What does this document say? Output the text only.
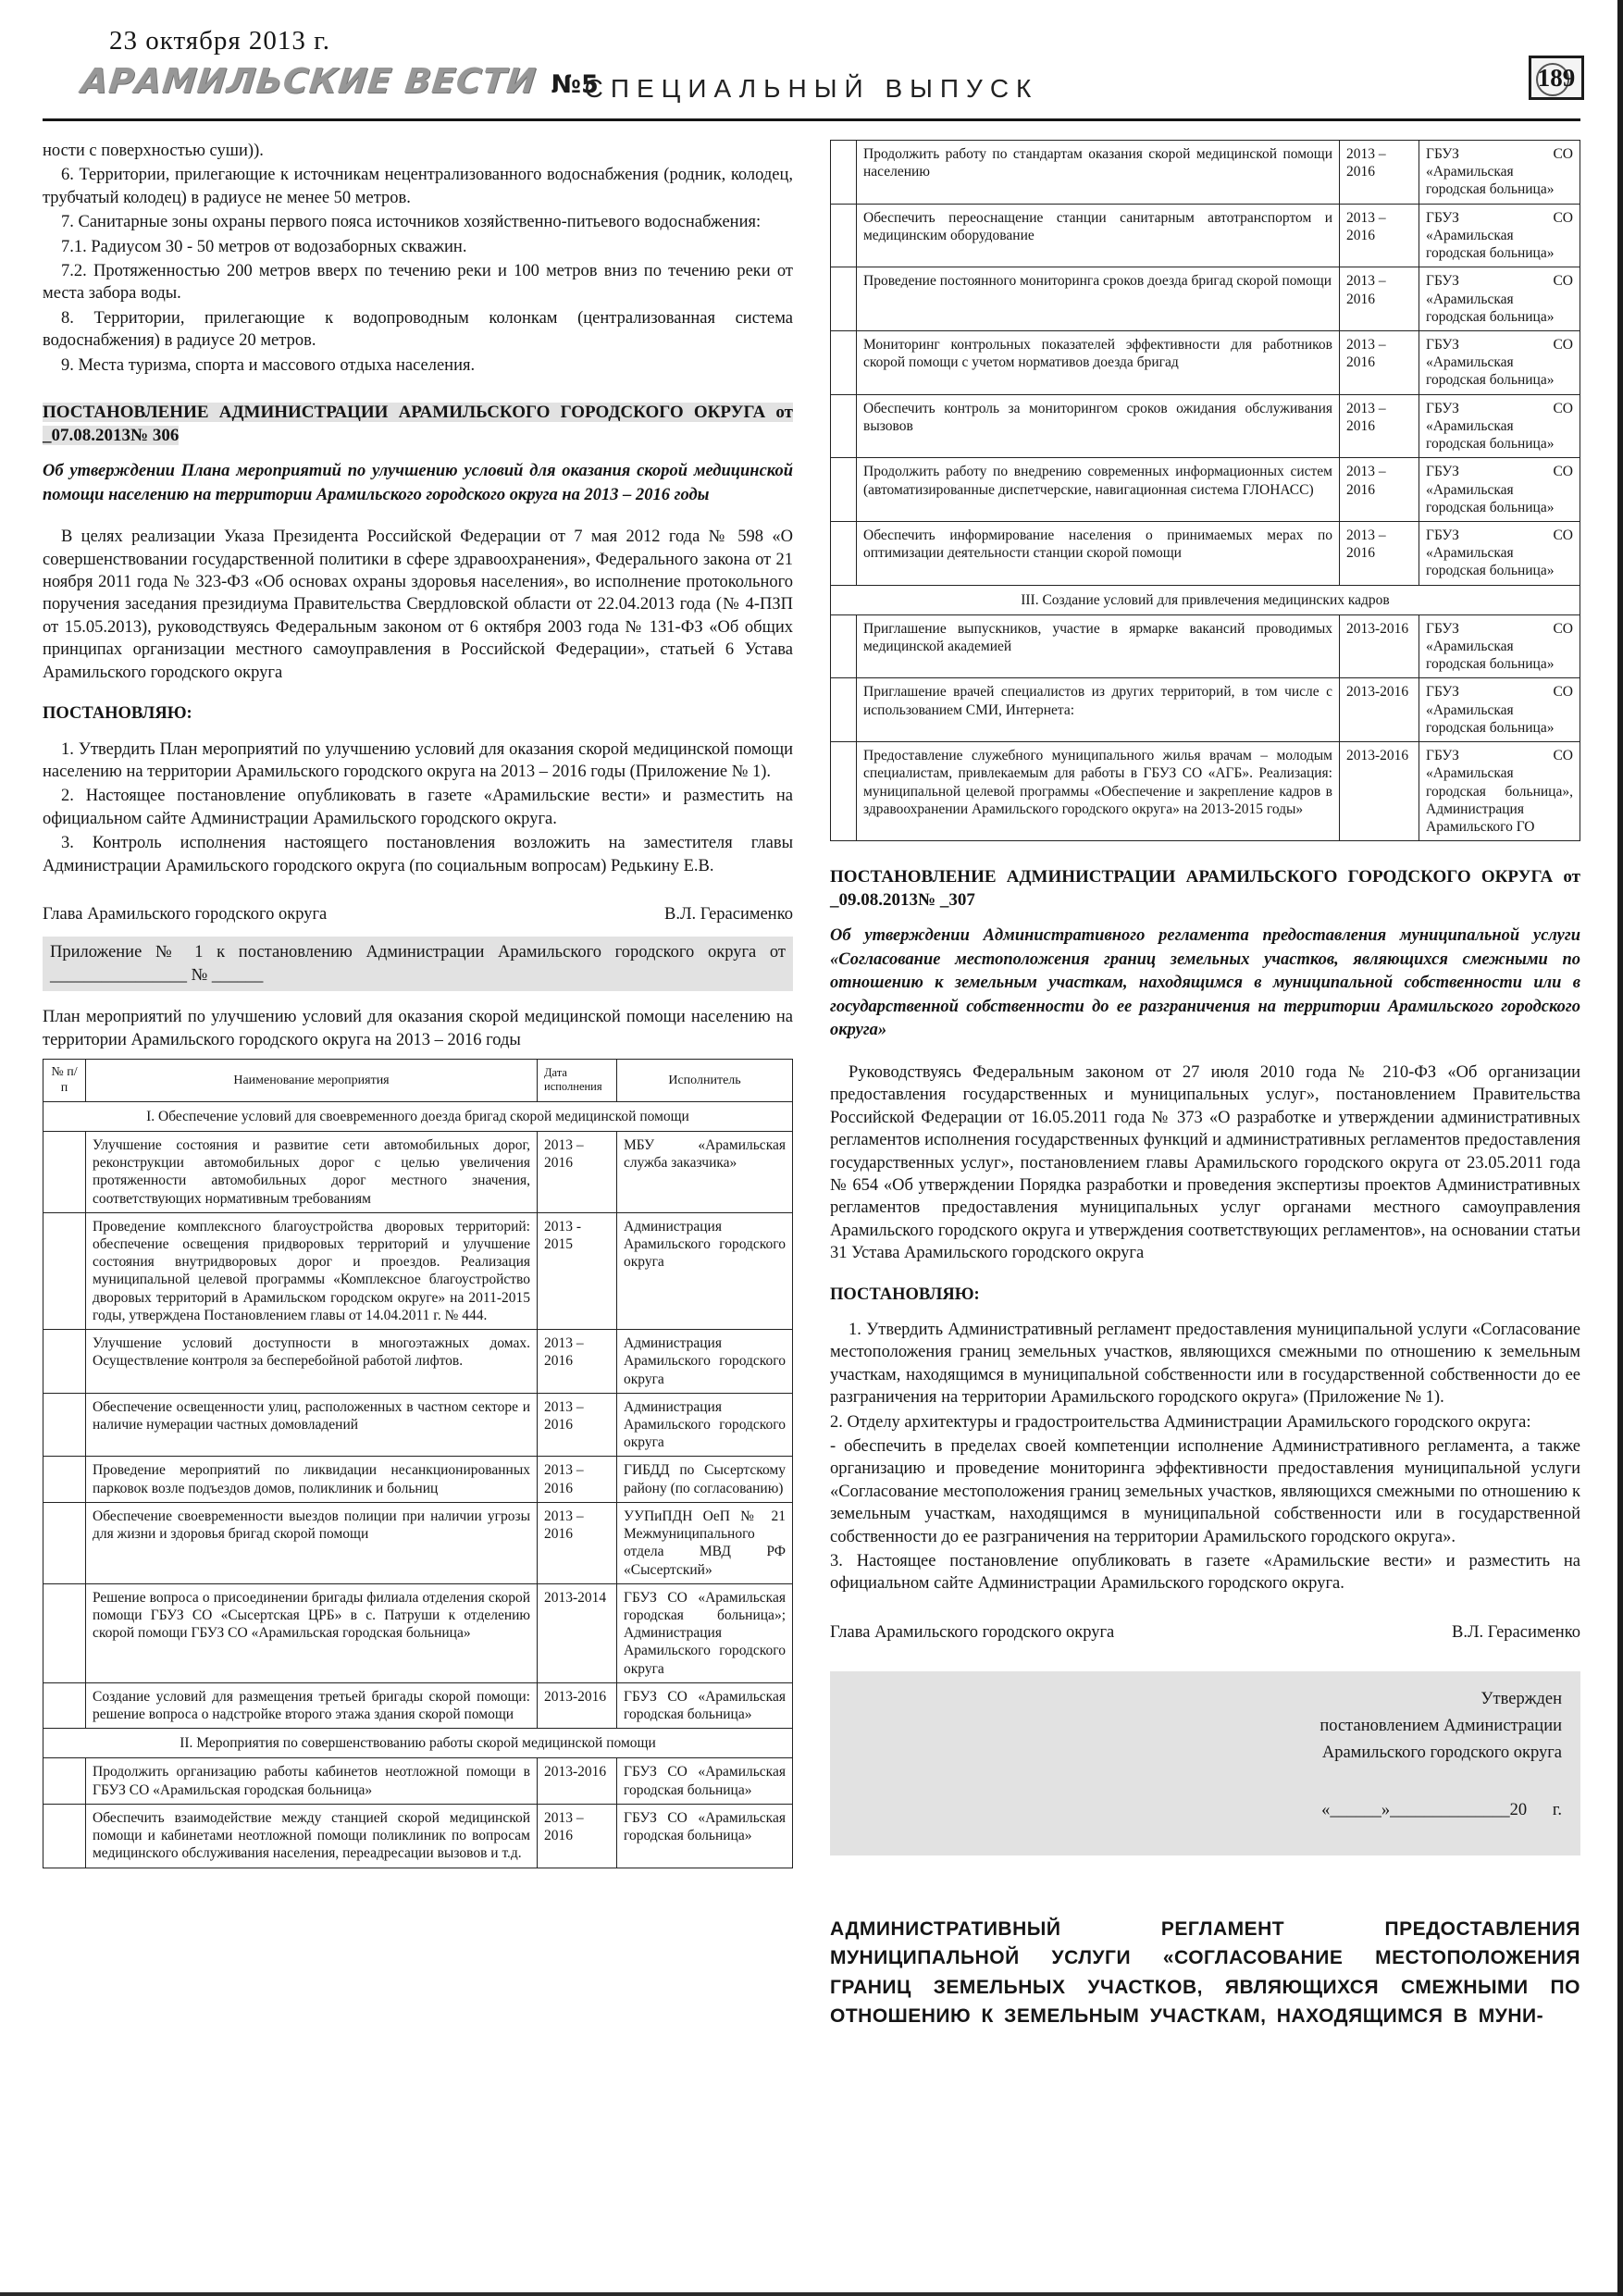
23 октября 2013 г.
АРАМИЛЬСКИЕ ВЕСТИ №5
СПЕЦИАЛЬНЫЙ ВЫПУСК	189

ности с поверхностью суши)).

6. Территории, прилегающие к источникам нецентрализованного водоснабжения (родник, колодец, трубчатый колодец) в радиусе не менее 50 метров.

7. Санитарные зоны охраны первого пояса источников хозяйственно-питьевого водоснабжения:

7.1. Радиусом 30 - 50 метров от водозаборных скважин.

7.2. Протяженностью 200 метров вверх по течению реки и 100 метров вниз по течению реки от места забора воды.

8. Территории, прилегающие к водопроводным колонкам (централизованная система водоснабжения) в радиусе 20 метров.

9. Места туризма, спорта и массового отдыха населения.

ПОСТАНОВЛЕНИЕ АДМИНИСТРАЦИИ АРАМИЛЬСКОГО ГОРОДСКОГО ОКРУГА от _07.08.2013№ 306

Об утверждении Плана мероприятий по улучшению условий для оказания скорой медицинской помощи населению на территории Арамильского городского округа на 2013 – 2016 годы

В целях реализации Указа Президента Российской Федерации от 7 мая 2012 года № 598 «О совершенствовании государственной политики в сфере здравоохранения», Федерального закона от 21 ноября 2011 года № 323-ФЗ «Об основах охраны здоровья населения», во исполнение протокольного поручения заседания президиума Правительства Свердловской области от 22.04.2013 года (№ 4-ПЗП от 15.05.2013), руководствуясь Федеральным законом от 6 октября 2003 года № 131-ФЗ «Об общих принципах организации местного самоуправления в Российской Федерации», статьей 6 Устава Арамильского городского округа

ПОСТАНОВЛЯЮ:

1. Утвердить План мероприятий по улучшению условий для оказания скорой медицинской помощи населению на территории Арамильского городского округа на 2013 – 2016 годы (Приложение № 1).

2. Настоящее постановление опубликовать в газете «Арамильские вести» и разместить на официальном сайте Администрации Арамильского городского округа.

3. Контроль исполнения настоящего постановления возложить на заместителя главы Администрации Арамильского городского округа (по социальным вопросам) Редькину Е.В.

Глава Арамильского городского округа	В.Л. Герасименко
Приложение № 1 к постановлению Администрации Арамильского городского округа от ________________ № ______

План мероприятий по улучшению условий для оказания скорой медицинской помощи населению на территории Арамильского городского округа на 2013 – 2016 годы

№ п/п	Наименование мероприятия	Дата исполнения	Исполнитель
I. Обеспечение условий для своевременного доезда бригад скорой медицинской помощи			
	Улучшение состояния и развитие сети автомобильных дорог, реконструкции автомобильных дорог с целью увеличения протяженности автомобильных дорог местного значения, соответствующих нормативным требованиям	2013 – 2016	МБУ «Арамильская служба заказчика»
	Проведение комплексного благоустройства дворовых территорий: обеспечение освещения придворовых территорий и улучшение состояния внутридворовых дорог и проездов. Реализация муниципальной целевой программы «Комплексное благоустройство дворовых территорий в Арамильском городском округе» на 2011-2015 годы, утверждена Постановлением главы от 14.04.2011 г. № 444.	2013 - 2015	Администрация Арамильского городского округа
	Улучшение условий доступности в многоэтажных домах. Осуществление контроля за бесперебойной работой лифтов.	2013 – 2016	Администрация Арамильского городского округа
	Обеспечение освещенности улиц, расположенных в частном секторе и наличие нумерации частных домовладений	2013 – 2016	Администрация Арамильского городского округа
	Проведение мероприятий по ликвидации несанкционированных парковок возле подъездов домов, поликлиник и больниц	2013 – 2016	ГИБДД по Сысертскому району (по согласованию)
	Обеспечение своевременности выездов полиции при наличии угрозы для жизни и здоровья бригад скорой помощи	2013 – 2016	УУПиПДН ОеП № 21 Межмуниципального отдела МВД РФ «Сысертский»
	Решение вопроса о присоединении бригады филиала отделения скорой помощи ГБУЗ СО «Сысертская ЦРБ» в с. Патруши к отделению скорой помощи ГБУЗ СО «Арамильская городская больница»	2013-2014	ГБУЗ СО «Арамильская городская больница»; Администрация Арамильского городского округа
	Создание условий для размещения третьей бригады скорой помощи: решение вопроса о надстройке второго этажа здания скорой помощи	2013-2016	ГБУЗ СО «Арамильская городская больница»
II. Мероприятия по совершенствованию работы скорой медицинской помощи			
	Продолжить организацию работы кабинетов неотложной помощи в ГБУЗ СО «Арамильская городская больница»	2013-2016	ГБУЗ СО «Арамильская городская больница»
	Обеспечить взаимодействие между станцией скорой медицинской помощи и кабинетами неотложной помощи поликлиник по вопросам медицинского обслуживания населения, переадресации вызовов и т.д.	2013 – 2016	ГБУЗ СО «Арамильская городская больница»
	Продолжить работу по стандартам оказания скорой медицинской помощи населению	2013 – 2016	ГБУЗ СО «Арамильская городская больница»
	Обеспечить переоснащение станции санитарным автотранспортом и медицинским оборудование	2013 – 2016	ГБУЗ СО «Арамильская городская больница»
	Проведение постоянного мониторинга сроков доезда бригад скорой помощи	2013 – 2016	ГБУЗ СО «Арамильская городская больница»
	Мониторинг контрольных показателей эффективности для работников скорой помощи с учетом нормативов доезда бригад	2013 – 2016	ГБУЗ СО «Арамильская городская больница»
	Обеспечить контроль за мониторингом сроков ожидания обслуживания вызовов	2013 – 2016	ГБУЗ СО «Арамильская городская больница»
	Продолжить работу по внедрению современных информационных систем (автоматизированные диспетчерские, навигационная система ГЛОНАСС)	2013 – 2016	ГБУЗ СО «Арамильская городская больница»
	Обеспечить информирование населения о принимаемых мерах по оптимизации деятельности станции скорой помощи	2013 – 2016	ГБУЗ СО «Арамильская городская больница»
III. Создание условий для привлечения медицинских кадров			
	Приглашение выпускников, участие в ярмарке вакансий проводимых медицинской академией	2013-2016	ГБУЗ СО «Арамильская городская больница»
	Приглашение врачей специалистов из других территорий, в том числе с использованием СМИ, Интернета:	2013-2016	ГБУЗ СО «Арамильская городская больница»
	Предоставление служебного муниципального жилья врачам – молодым специалистам, привлекаемым для работы в ГБУЗ СО «АГБ». Реализация: муниципальной целевой программы «Обеспечение и закрепление кадров в здравоохранении Арамильского городского округа» на 2013-2015 годы»	2013-2016	ГБУЗ СО «Арамильская городская больница», Администрация Арамильского ГО
ПОСТАНОВЛЕНИЕ АДМИНИСТРАЦИИ АРАМИЛЬСКОГО ГОРОДСКОГО ОКРУГА от _09.08.2013№ _307

Об утверждении Административного регламента предоставления муниципальной услуги «Согласование местоположения границ земельных участков, являющихся смежными по отношению к земельным участкам, находящимся в муниципальной собственности или в государственной собственности до ее разграничения на территории Арамильского городского округа»

Руководствуясь Федеральным законом от 27 июля 2010 года № 210-ФЗ «Об организации предоставления государственных и муниципальных услуг», постановлением Правительства Российской Федерации от 16.05.2011 года № 373 «О разработке и утверждении административных регламентов исполнения государственных функций и административных регламентов предоставления государственных услуг», постановлением главы Арамильского городского округа от 23.05.2011 года № 654 «Об утверждении Порядка разработки и проведения экспертизы проектов Административных регламентов предоставления муниципальных услуг органами местного самоуправления Арамильского городского округа и утверждения соответствующих регламентов», на основании статьи 31 Устава Арамильского городского округа

ПОСТАНОВЛЯЮ:

1. Утвердить Административный регламент предоставления муниципальной услуги «Согласование местоположения границ земельных участков, являющихся смежными по отношению к земельным участкам, находящимся в муниципальной собственности или в государственной собственности до ее разграничения на территории Арамильского городского округа» (Приложение № 1).

2. Отделу архитектуры и градостроительства Администрации Арамильского городского округа:

- обеспечить в пределах своей компетенции исполнение Административного регламента, а также организацию и проведение мониторинга эффективности предоставления муниципальной услуги «Согласование местоположения границ земельных участков, являющихся смежными по отношению к земельным участкам, находящимся в муниципальной собственности или в государственной собственности до ее разграничения на территории Арамильского городского округа».

3. Настоящее постановление опубликовать в газете «Арамильские вести» и разместить на официальном сайте Администрации Арамильского городского округа.

Глава Арамильского городского округа	В.Л. Герасименко
Утвержден
постановлением Администрации
Арамильского городского округа
«______»______________20      г.
АДМИНИСТРАТИВНЫЙ РЕГЛАМЕНТ ПРЕДОСТАВЛЕНИЯ МУНИЦИПАЛЬНОЙ УСЛУГИ «СОГЛАСОВАНИЕ МЕСТОПОЛОЖЕНИЯ ГРАНИЦ ЗЕМЕЛЬНЫХ УЧАСТКОВ, ЯВЛЯЮЩИХСЯ СМЕЖНЫМИ ПО ОТНОШЕНИЮ К ЗЕМЕЛЬНЫМ УЧАСТКАМ, НАХОДЯЩИМСЯ В МУНИ-
